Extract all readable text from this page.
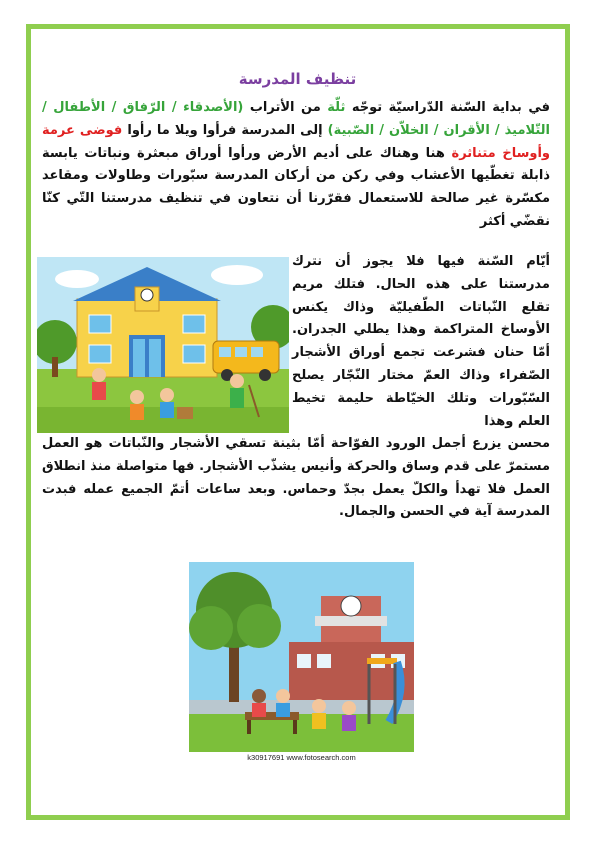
تنظيف المدرسة
في بداية السّنة الدّراسيّة توجّه ثلّة من الأتراب (الأصدقاء / الرّفاق / الأطفال / التّلاميذ / الأقران / الخلاّن / الصّبية) إلى المدرسة فرأوا ويلا ما رأوا فوضى عرمة وأوساخ متناثرة هنا وهناك على أديم الأرض ورأوا أوراق مبعثرة ونباتات يابسة ذابلة تغطّيها الأعشاب وفي ركن من أركان المدرسة سبّورات وطاولات ومقاعد مكسّرة غير صالحة للاستعمال فقرّرنا أن نتعاون في تنظيف مدرستنا التّي كنّا نقضّي أكثر
أيّام السّنة فيها فلا يجوز أن نترك مدرستنا على هذه الحال. فتلك مريم تقلع النّباتات الطّفيليّة وذاك يكنس الأوساخ المتراكمة وهذا يطلي الجدران. أمّا حنان فشرعت تجمع أوراق الأشجار الصّفراء وذاك العمّ مختار النّجّار يصلح السّبّورات وتلك الخيّاطة حليمة تخيط العلم وهذا
محسن يزرع أجمل الورود الفوّاحة أمّا بثينة تسقي الأشجار والنّباتات هو العمل مستمرّ على قدم وساق والحركة وأنيس يشذّب الأشجار. فها متواصلة منذ انطلاق العمل فلا تهدأ والكلّ يعمل بجدّ وحماس. وبعد ساعات أتمّ الجميع عمله فبدت المدرسة آية في الحسن والجمال.
k30917691 www.fotosearch.com
